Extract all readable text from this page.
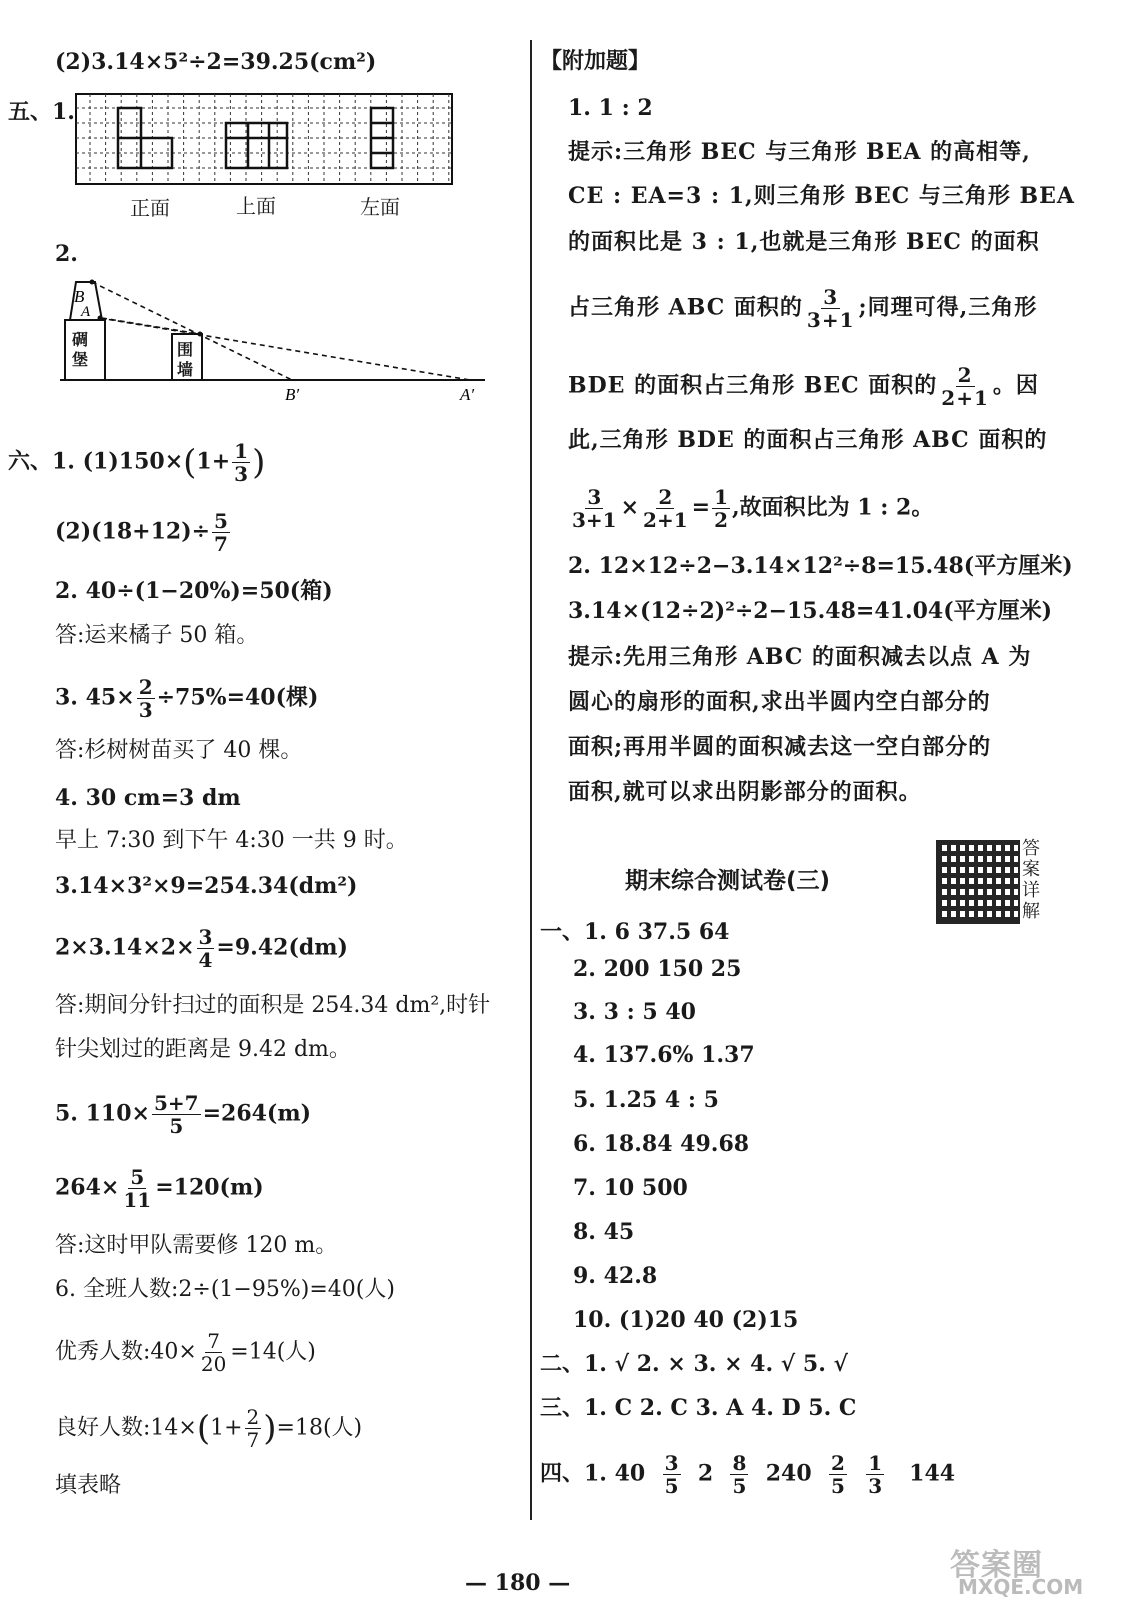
(2)3.14×5²÷2=39.25(cm²)
五、1.
正面	上面	左面
2.
B
A
B′	A′
碉堡
围墙
六、1. $(1)150\times(1+ \frac{1}{3}$ )
$(2)(18+12)\div \frac{5}{7}$
2. 40÷(1−20%)=50(箱)
答:运来橘子 50 箱。
3. $45\times \frac{2}{3} \div 75\%=40$(棵)
答:杉树树苗买了 40 棵。
4. 30 cm=3 dm
早上 7:30 到下午 4:30 一共 9 时。
3.14×3²×9=254.34(dm²)
$2\times 3.14\times 2\times \frac{3}{4} =9.42(dm)$
答:期间分针扫过的面积是 254.34 dm²,时针
针尖划过的距离是 9.42 dm。
5. $110\times \frac{5+7}{5} =264(m)$
$264\times \frac{5}{11} =120(m)$
答:这时甲队需要修 120 m。
6. 全班人数:2÷(1−95%)=40(人)
优秀人数:40× $\frac{7}{20} =14$(人)
良好人数:14×(1+ $\frac{2}{7} )=18$(人)
填表略
【附加题】
1. 1 : 2
提示:三角形 BEC 与三角形 BEA 的高相等,
CE : EA=3 : 1,则三角形 BEC 与三角形 BEA
的面积比是 3 : 1,也就是三角形 BEC 的面积
占三角形 ABC 面积的 $\frac{3}{3+1}$ ;同理可得,三角形
BDE 的面积占三角形 BEC 面积的 $\frac{2}{2+1}$ 。因
此,三角形 BDE 的面积占三角形 ABC 面积的
$\frac{3}{3+1} \times \frac{2}{2+1} = \frac{1}{2}$ ,故面积比为 1 : 2。
2. 12×12÷2−3.14×12²÷8=15.48(平方厘米)
3.14×(12÷2)²÷2−15.48=41.04(平方厘米)
提示:先用三角形 ABC 的面积减去以点 A 为
圆心的扇形的面积,求出半圆内空白部分的
面积;再用半圆的面积减去这一空白部分的
面积,就可以求出阴影部分的面积。
答案详解
期末综合测试卷(三)
一、1. 6 37.5 64
2. 200 150 25
3. 3 : 5 40
4. 137.6% 1.37
5. 1.25 4 : 5
6. 18.84 49.68
7. 10 500
8. 45
9. 42.8
10. (1)20 40 (2)15
二、1. √ 2. × 3. × 4. √ 5. √
三、1. C 2. C 3. A 4. D 5. C
四、1. $40 \frac{3}{5} 2 \frac{8}{5} 240 \frac{2}{5}$
$\frac{1}{3} 144$
— 180 —	答案圈
MXQE.COM
